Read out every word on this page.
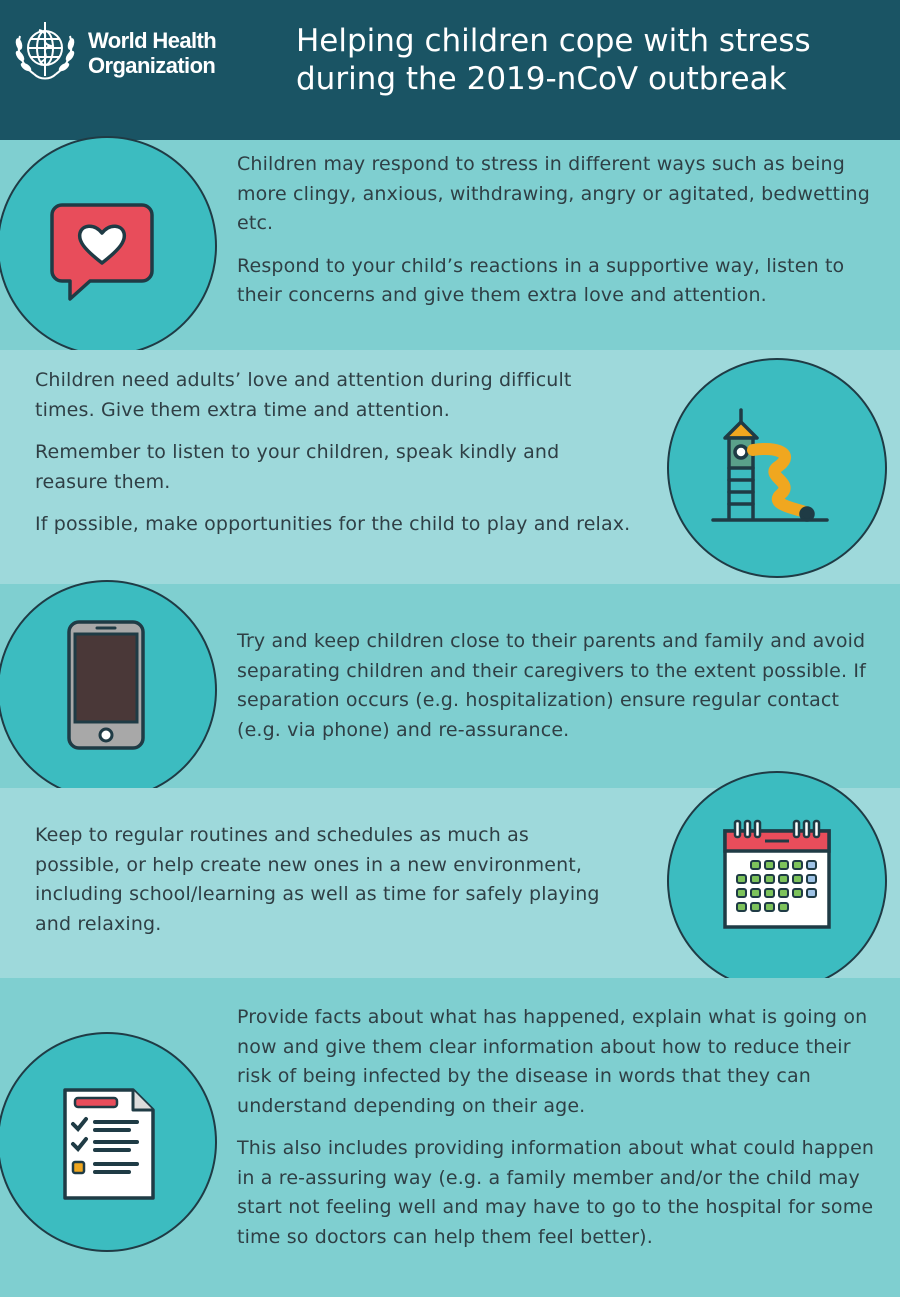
World Health
Organization
Helping children cope with stress
during the 2019-nCoV outbreak

Children may respond to stress in different ways such as being more clingy, anxious, withdrawing, angry or agitated, bedwetting etc.

Respond to your child’s reactions in a supportive way, listen to their concerns and give them extra love and attention.

Children need adults’ love and attention during difficult times. Give them extra time and attention.

Remember to listen to your children, speak kindly and reasure them.

If possible, make opportunities for the child to play and relax.

Try and keep children close to their parents and family and avoid separating children and their caregivers to the extent possible. If separation occurs (e.g. hospitalization) ensure regular contact (e.g. via phone) and re-assurance.

Keep to regular routines and schedules as much as possible, or help create new ones in a new environment, including school/learning as well as time for safely playing and relaxing.

Provide facts about what has happened, explain what is going on now and give them clear information about how to reduce their risk of being infected by the disease in words that they can understand depending on their age.

This also includes providing information about what could happen in a re-assuring way (e.g. a family member and/or the child may start not feeling well and may have to go to the hospital for some time so doctors can help them feel better).
